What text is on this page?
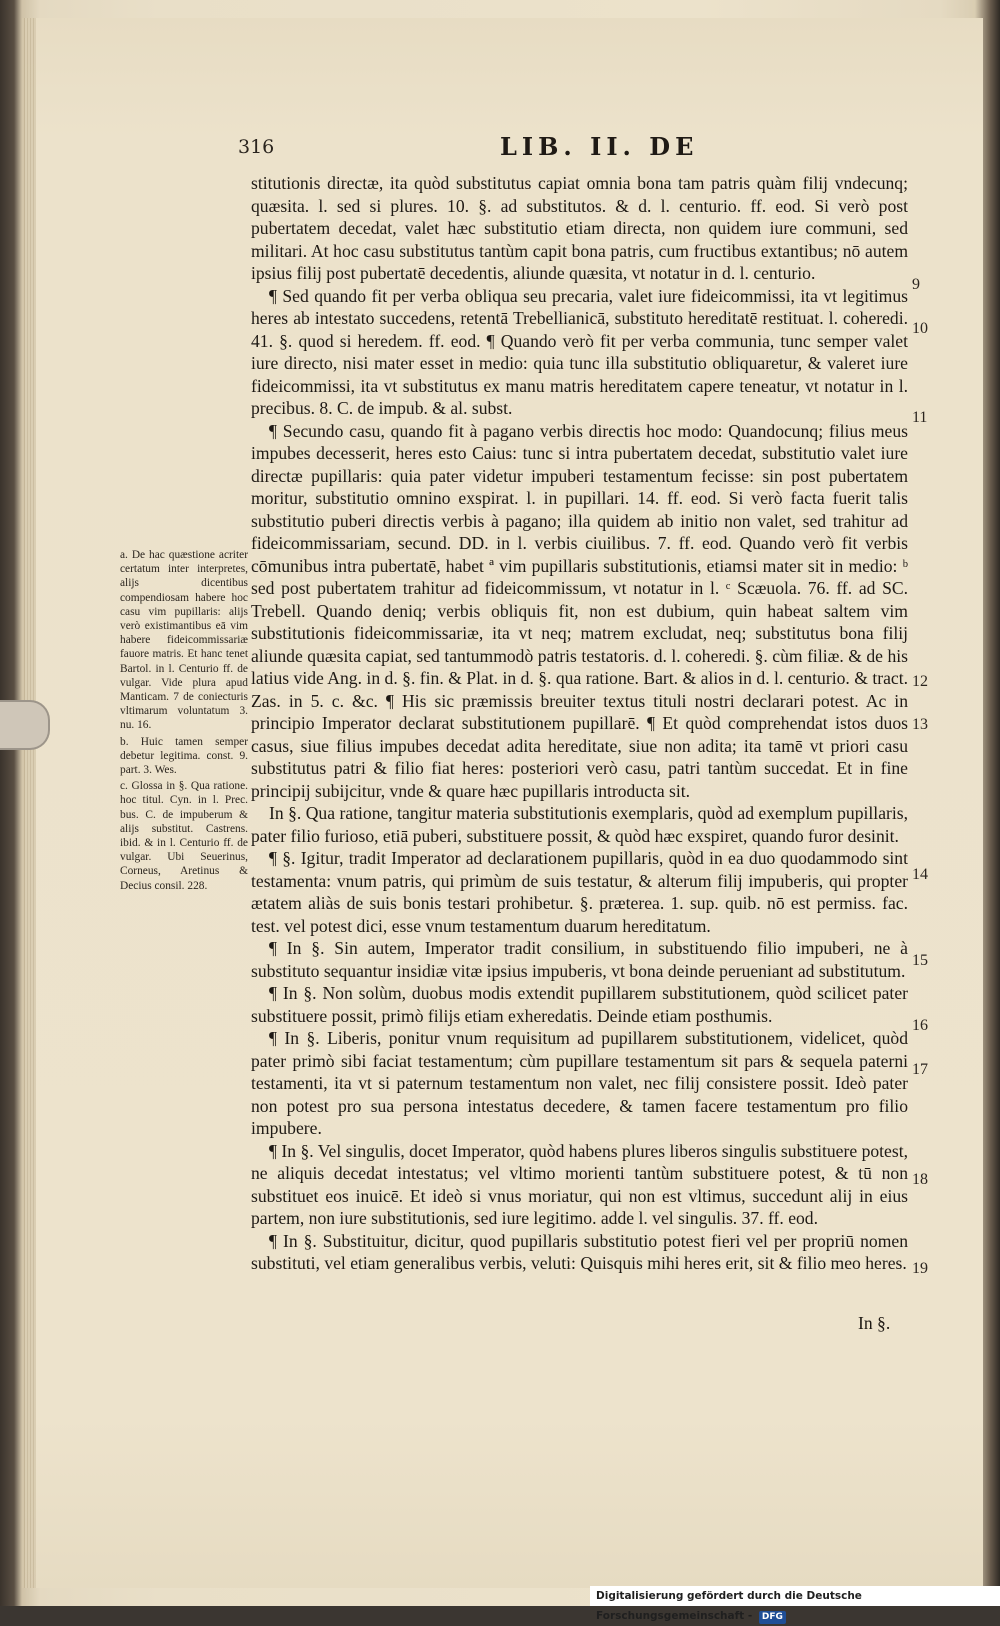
316	LIB. II. DE

stitutionis directæ, ita quòd substitutus capiat omnia bona tam patris quàm filij vndecunq; quæsita. l. sed si plures. 10. §. ad substitutos. & d. l. centurio. ff. eod. Si verò post pubertatem decedat, valet hæc substitutio etiam directa, non quidem iure communi, sed militari. At hoc casu substitutus tantùm capit bona patris, cum fructibus extantibus; nō autem ipsius filij post pubertatē decedentis, aliunde quæsita, vt notatur in d. l. centurio.

¶ Sed quando fit per verba obliqua seu precaria, valet iure fideicommissi, ita vt legitimus heres ab intestato succedens, retentā Trebellianicā, substituto hereditatē restituat. l. coheredi. 41. §. quod si heredem. ff. eod. ¶ Quando verò fit per verba communia, tunc semper valet iure directo, nisi mater esset in medio: quia tunc illa substitutio obliquaretur, & valeret iure fideicommissi, ita vt substitutus ex manu matris hereditatem capere teneatur, vt notatur in l. precibus. 8. C. de impub. & al. subst.

¶ Secundo casu, quando fit à pagano verbis directis hoc modo: Quandocunq; filius meus impubes decesserit, heres esto Caius: tunc si intra pubertatem decedat, substitutio valet iure directæ pupillaris: quia pater videtur impuberi testamentum fecisse: sin post pubertatem moritur, substitutio omnino exspirat. l. in pupillari. 14. ff. eod. Si verò facta fuerit talis substitutio puberi directis verbis à pagano; illa quidem ab initio non valet, sed trahitur ad fideicommissariam, secund. DD. in l. verbis ciuilibus. 7. ff. eod. Quando verò fit verbis cōmunibus intra pubertatē, habet ª vim pupillaris substitutionis, etiamsi mater sit in medio: ᵇ sed post pubertatem trahitur ad fideicommissum, vt notatur in l. ᶜ Scæuola. 76. ff. ad SC. Trebell. Quando deniq; verbis obliquis fit, non est dubium, quin habeat saltem vim substitutionis fideicommissariæ, ita vt neq; matrem excludat, neq; substitutus bona filij aliunde quæsita capiat, sed tantummodò patris testatoris. d. l. coheredi. §. cùm filiæ. & de his latius vide Ang. in d. §. fin. & Plat. in d. §. qua ratione. Bart. & alios in d. l. centurio. & tract. Zas. in 5. c. &c. ¶ His sic præmissis breuiter textus tituli nostri declarari potest. Ac in principio Imperator declarat substitutionem pupillarē. ¶ Et quòd comprehendat istos duos casus, siue filius impubes decedat adita hereditate, siue non adita; ita tamē vt priori casu substitutus patri & filio fiat heres: posteriori verò casu, patri tantùm succedat. Et in fine principij subijcitur, vnde & quare hæc pupillaris introducta sit.

In §. Qua ratione, tangitur materia substitutionis exemplaris, quòd ad exemplum pupillaris, pater filio furioso, etiā puberi, substituere possit, & quòd hæc exspiret, quando furor desinit.

¶ §. Igitur, tradit Imperator ad declarationem pupillaris, quòd in ea duo quodammodo sint testamenta: vnum patris, qui primùm de suis testatur, & alterum filij impuberis, qui propter ætatem aliàs de suis bonis testari prohibetur. §. præterea. 1. sup. quib. nō est permiss. fac. test. vel potest dici, esse vnum testamentum duarum hereditatum.

¶ In §. Sin autem, Imperator tradit consilium, in substituendo filio impuberi, ne à substituto sequantur insidiæ vitæ ipsius impuberis, vt bona deinde perueniant ad substitutum.

¶ In §. Non solùm, duobus modis extendit pupillarem substitutionem, quòd scilicet pater substituere possit, primò filijs etiam exheredatis. Deinde etiam posthumis.

¶ In §. Liberis, ponitur vnum requisitum ad pupillarem substitutionem, videlicet, quòd pater primò sibi faciat testamentum; cùm pupillare testamentum sit pars & sequela paterni testamenti, ita vt si paternum testamentum non valet, nec filij consistere possit. Ideò pater non potest pro sua persona intestatus decedere, & tamen facere testamentum pro filio impubere.

¶ In §. Vel singulis, docet Imperator, quòd habens plures liberos singulis substituere potest, ne aliquis decedat intestatus; vel vltimo morienti tantùm substituere potest, & tū non substituet eos inuicē. Et ideò si vnus moriatur, qui non est vltimus, succedunt alij in eius partem, non iure substitutionis, sed iure legitimo. adde l. vel singulis. 37. ff. eod.

¶ In §. Substituitur, dicitur, quod pupillaris substitutio potest fieri vel per propriū nomen substituti, vel etiam generalibus verbis, veluti: Quisquis mihi heres erit, sit & filio meo heres.

In §.

a. De hac quæstione acriter certatum inter interpretes, alijs dicentibus compendiosam habere hoc casu vim pupillaris: alijs verò existimantibus eā vim habere fideicommissariæ fauore matris. Et hanc tenet Bartol. in l. Centurio ff. de vulgar. Vide plura apud Manticam. 7 de coniecturis vltimarum voluntatum 3. nu. 16.

b. Huic tamen semper debetur legitima. const. 9. part. 3. Wes.

c. Glossa in §. Qua ratione. hoc titul. Cyn. in l. Prec. bus. C. de impuberum & alijs substitut. Castrens. ibid. & in l. Centurio ff. de vulgar. Ubi Seuerinus, Corneus, Aretinus & Decius consil. 228.

9
10
11
12
13
14
15
16
17
18
19
Digitalisierung gefördert durch die Deutsche Forschungsgemeinschaft - DFG
